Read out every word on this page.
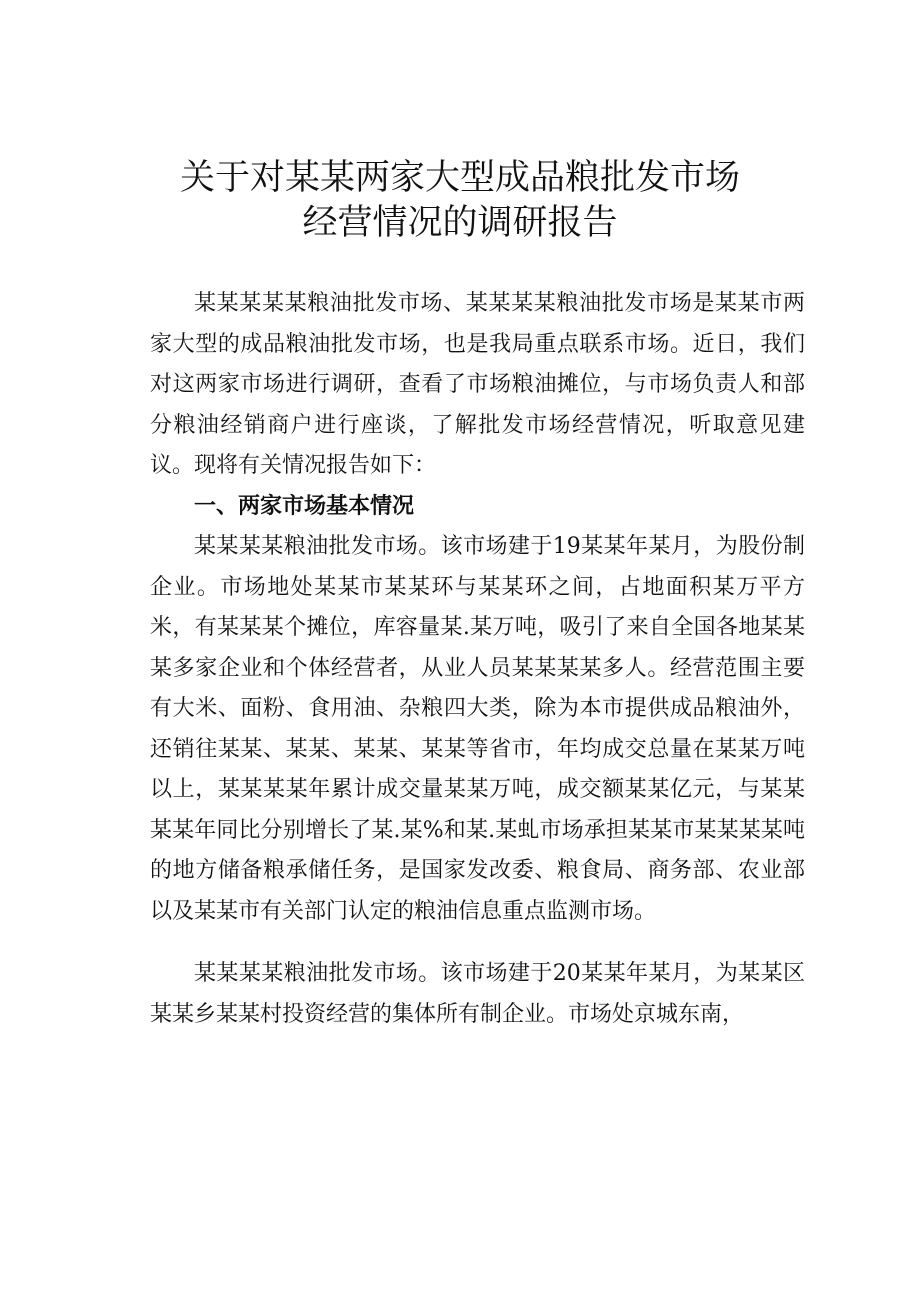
关于对某某两家大型成品粮批发市场
经营情况的调研报告

某某某某某粮油批发市场、某某某某粮油批发市场是某某市两家大型的成品粮油批发市场，也是我局重点联系市场。近日，我们对这两家市场进行调研，查看了市场粮油摊位，与市场负责人和部分粮油经销商户进行座谈，了解批发市场经营情况，听取意见建议。现将有关情况报告如下：

一、两家市场基本情况

某某某某粮油批发市场。该市场建于19某某年某月，为股份制企业。市场地处某某市某某环与某某环之间，占地面积某万平方米，有某某某个摊位，库容量某.某万吨，吸引了来自全国各地某某某多家企业和个体经营者，从业人员某某某某多人。经营范围主要有大米、面粉、食用油、杂粮四大类，除为本市提供成品粮油外，还销往某某、某某、某某、某某等省市，年均成交总量在某某万吨以上，某某某某年累计成交量某某万吨，成交额某某亿元，与某某某某年同比分别增长了某.某%和某.某虬市场承担某某市某某某某吨的地方储备粮承储任务，是国家发改委、粮食局、商务部、农业部以及某某市有关部门认定的粮油信息重点监测市场。

某某某某粮油批发市场。该市场建于20某某年某月，为某某区某某乡某某村投资经营的集体所有制企业。市场处京城东南，
